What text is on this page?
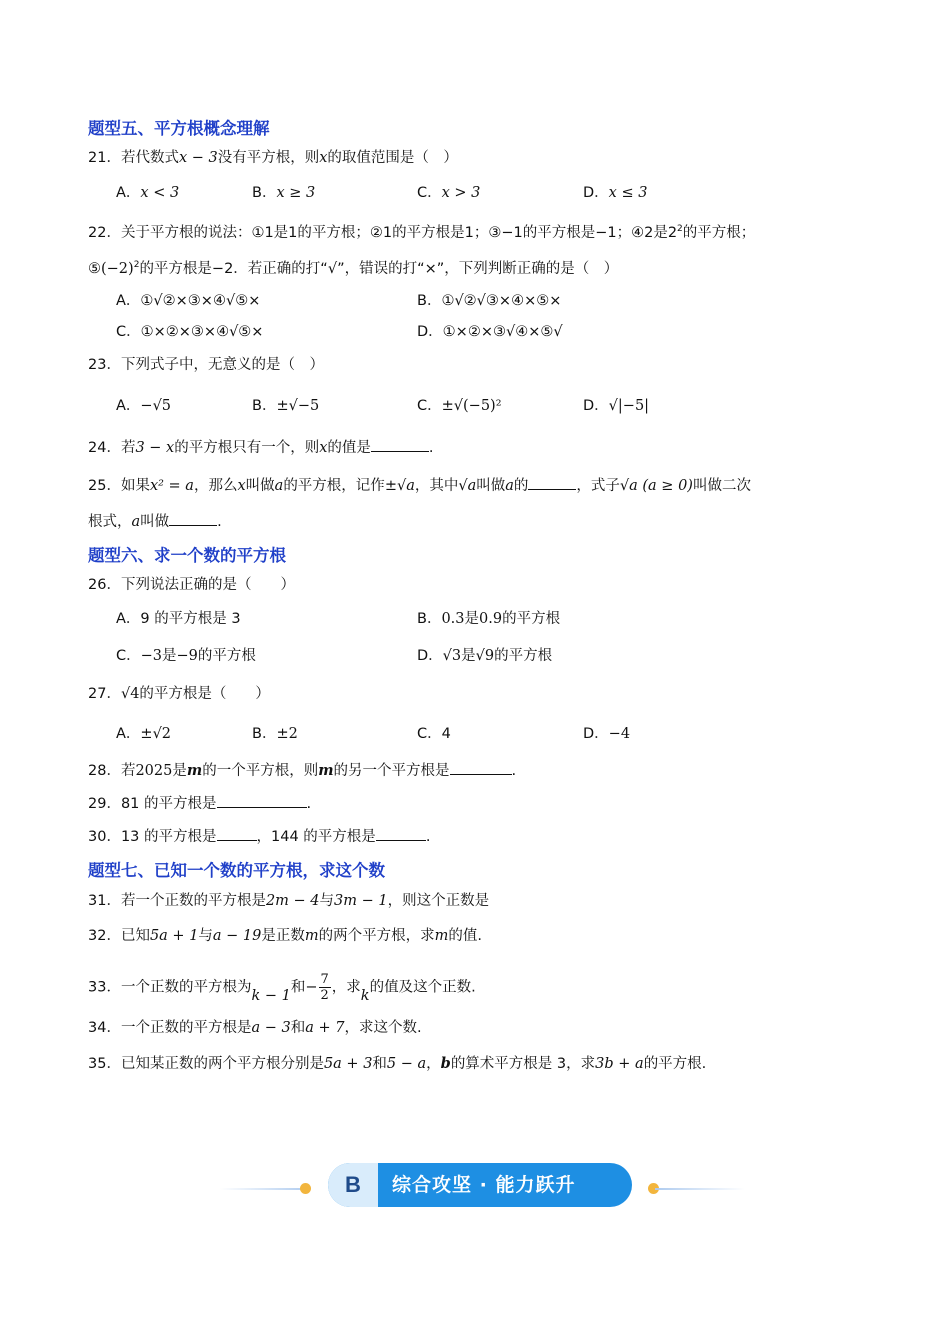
题型五、平方根概念理解
21．若代数式x − 3没有平方根，则x的取值范围是（　）
A．x < 3	B．x ≥ 3	C．x > 3	D．x ≤ 3
22．关于平方根的说法：①1是1的平方根；②1的平方根是1；③−1的平方根是−1；④2是$2^2$的平方根；
$⑤(-2)^2$的平方根是−2．若正确的打“√”，错误的打“×”，下列判断正确的是（　）
A．①√②×③×④√⑤×	B．①√②√③×④×⑤×
C．①×②×③×④√⑤×	D．①×②×③√④×⑤√
23．下列式子中，无意义的是（　）
A．−√5	B．±√−5	C．±√(−5)²	D．√|−5|
24．若3 − x的平方根只有一个，则x的值是	.
25．如果x² = a，那么x叫做a的平方根，记作±√a，其中√a叫做a的	，式子√a (a ≥ 0)叫做二次
根式，a叫做	.
题型六、求一个数的平方根
26．下列说法正确的是（　　）
A．9 的平方根是 3	B．0.3是0.9的平方根
C．−3是−9的平方根	D．√3是√9的平方根
27．√4的平方根是（　　）
A．±√2	B．±2	C．4	D．−4
28．若2025是m的一个平方根，则m的另一个平方根是	.
29．81 的平方根是	.
30．13 的平方根是	，144 的平方根是	.
题型七、已知一个数的平方根，求这个数
31．若一个正数的平方根是2m − 4与3m − 1，则这个正数是
32．已知5a + 1与a − 19是正数m的两个平方根，求m的值.
33．一个正数的平方根为k − 1和− $\frac{7}{2}$ ，求k的值及这个正数.
34．一个正数的平方根是a − 3和a + 7，求这个数.
35．已知某正数的两个平方根分别是5a + 3和5 − a，b的算术平方根是 3，求3b + a的平方根.
B	综合攻坚 · 能力跃升
